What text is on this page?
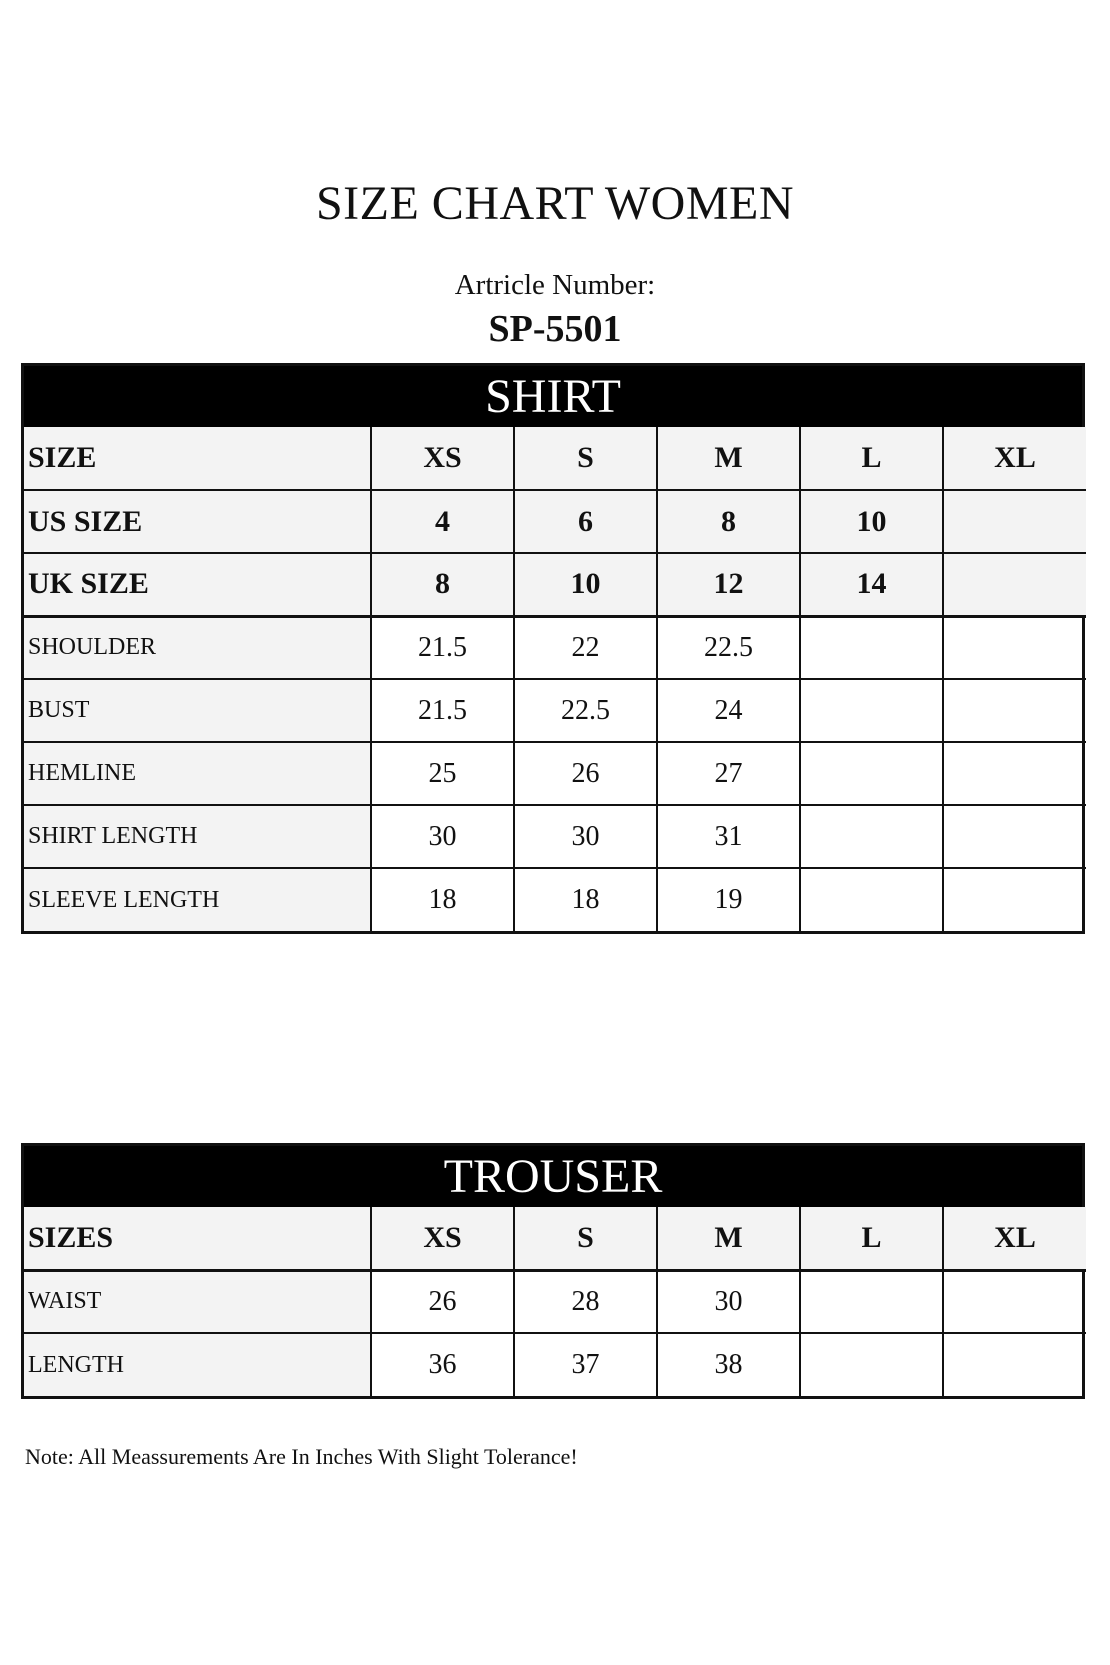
SIZE CHART WOMEN
Artricle Number:
SP-5501
SHIRT
SIZE	XS	S	M	L	XL
US SIZE	4	6	8	10	
UK SIZE	8	10	12	14	
SHOULDER	21.5	22	22.5		
BUST	21.5	22.5	24		
HEMLINE	25	26	27		
SHIRT LENGTH	30	30	31		
SLEEVE LENGTH	18	18	19		
TROUSER
SIZES	XS	S	M	L	XL
WAIST	26	28	30		
LENGTH	36	37	38		
Note: All Meassurements Are In Inches With Slight Tolerance!
